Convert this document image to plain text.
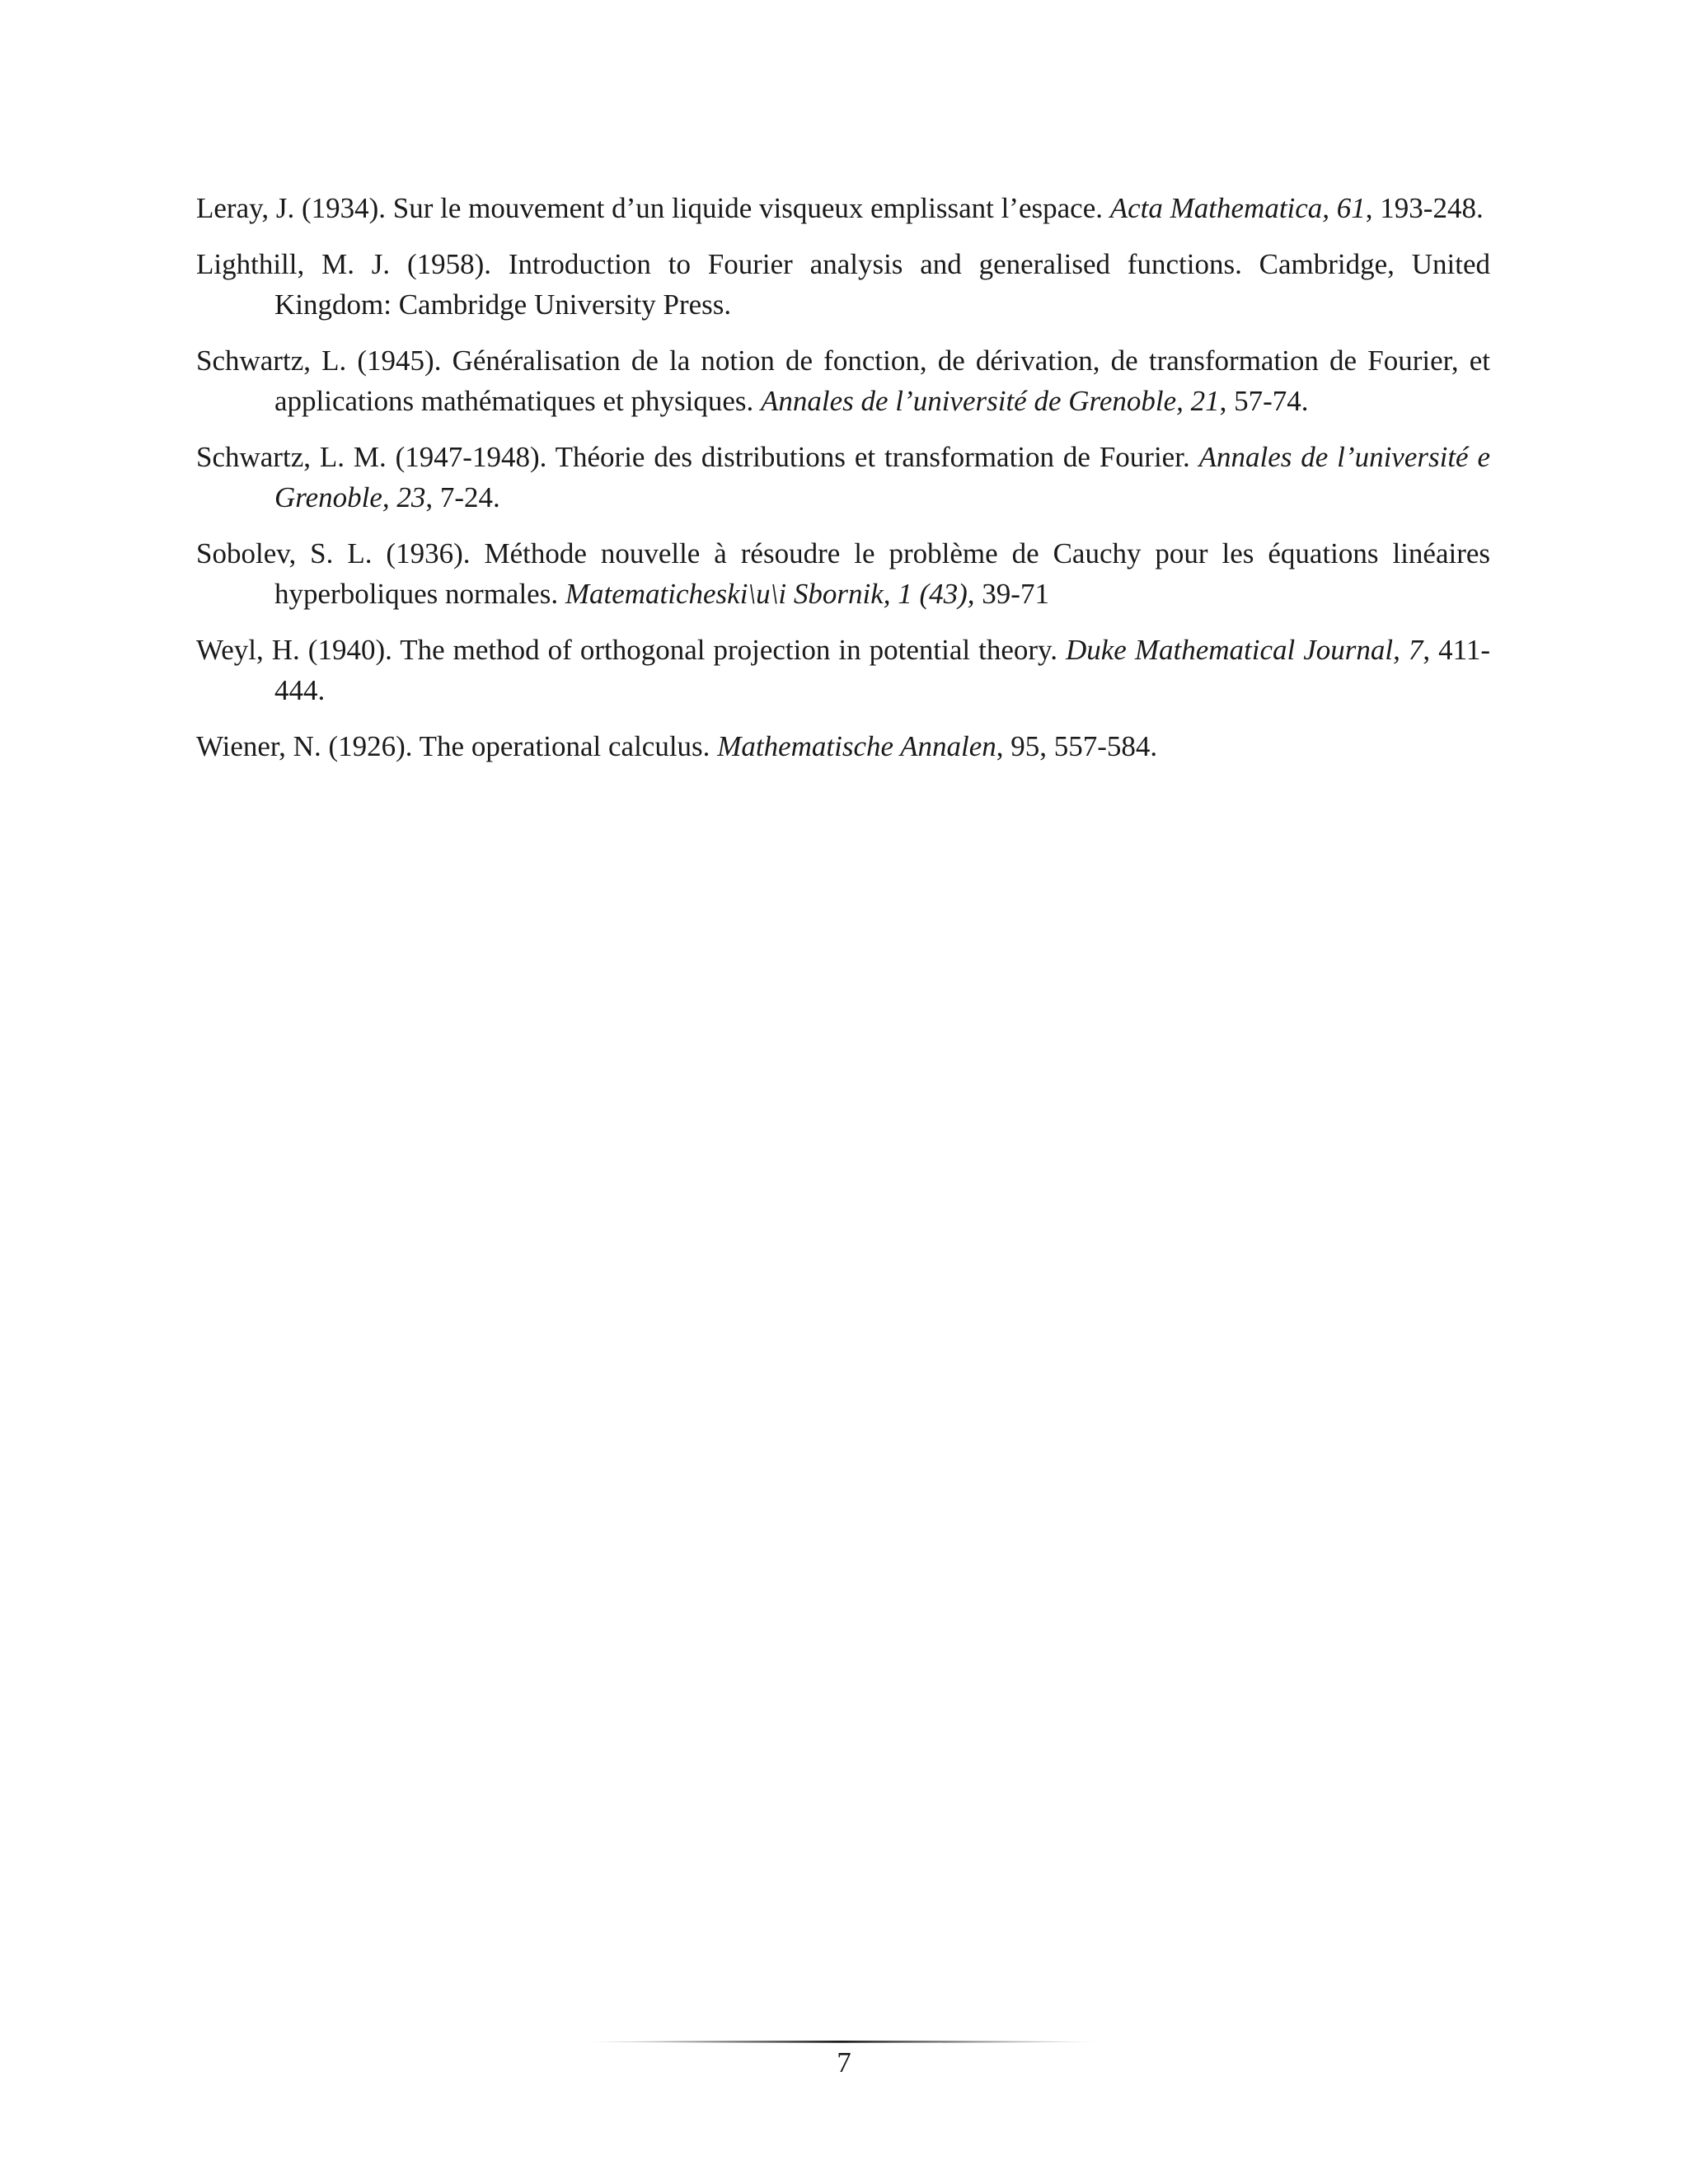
Leray, J. (1934). Sur le mouvement d’un liquide visqueux emplissant l’espace. Acta Mathematica, 61, 193-248.

Lighthill, M. J. (1958). Introduction to Fourier analysis and generalised functions. Cambridge, United Kingdom: Cambridge University Press.

Schwartz, L. (1945). Généralisation de la notion de fonction, de dérivation, de transformation de Fourier, et applications mathématiques et physiques. Annales de l’université de Grenoble, 21, 57-74.

Schwartz, L. M. (1947-1948). Théorie des distributions et transformation de Fourier. Annales de l’université e Grenoble, 23, 7-24.

Sobolev, S. L. (1936). Méthode nouvelle à résoudre le problème de Cauchy pour les équations linéaires hyperboliques normales. Matematicheski\u\i Sbornik, 1 (43), 39-71

Weyl, H. (1940). The method of orthogonal projection in potential theory. Duke Mathematical Journal, 7, 411-444.

Wiener, N. (1926). The operational calculus. Mathematische Annalen, 95, 557-584.

7
